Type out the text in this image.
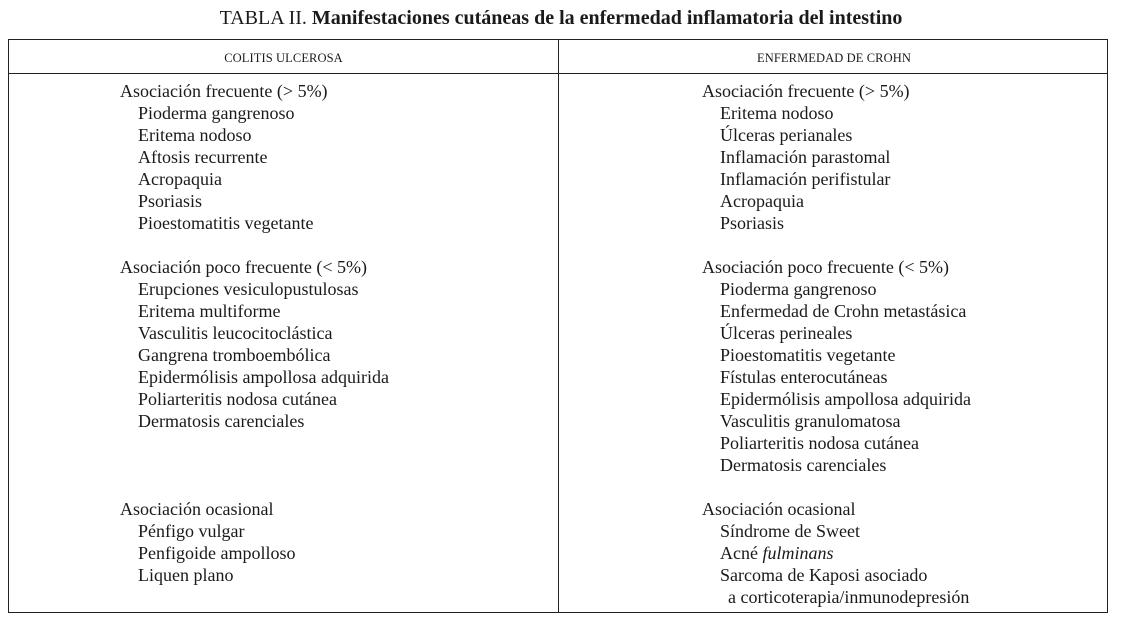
TABLA II. Manifestaciones cutáneas de la enfermedad inflamatoria del intestino
COLITIS ULCEROSA	ENFERMEDAD DE CROHN
Asociación frecuente (> 5%)
Pioderma gangrenoso
Eritema nodoso
Aftosis recurrente
Acropaquia
Psoriasis
Pioestomatitis vegetante
Asociación poco frecuente (< 5%)
Erupciones vesiculopustulosas
Eritema multiforme
Vasculitis leucocitoclástica
Gangrena tromboembólica
Epidermólisis ampollosa adquirida
Poliarteritis nodosa cutánea
Dermatosis carenciales
Asociación ocasional
Pénfigo vulgar
Penfigoide ampolloso
Liquen plano
Asociación frecuente (> 5%)
Eritema nodoso
Úlceras perianales
Inflamación parastomal
Inflamación perifistular
Acropaquia
Psoriasis
Asociación poco frecuente (< 5%)
Pioderma gangrenoso
Enfermedad de Crohn metastásica
Úlceras perineales
Pioestomatitis vegetante
Fístulas enterocutáneas
Epidermólisis ampollosa adquirida
Vasculitis granulomatosa
Poliarteritis nodosa cutánea
Dermatosis carenciales
Asociación ocasional
Síndrome de Sweet
Acné fulminans
Sarcoma de Kaposi asociado
a corticoterapia/inmunodepresión
